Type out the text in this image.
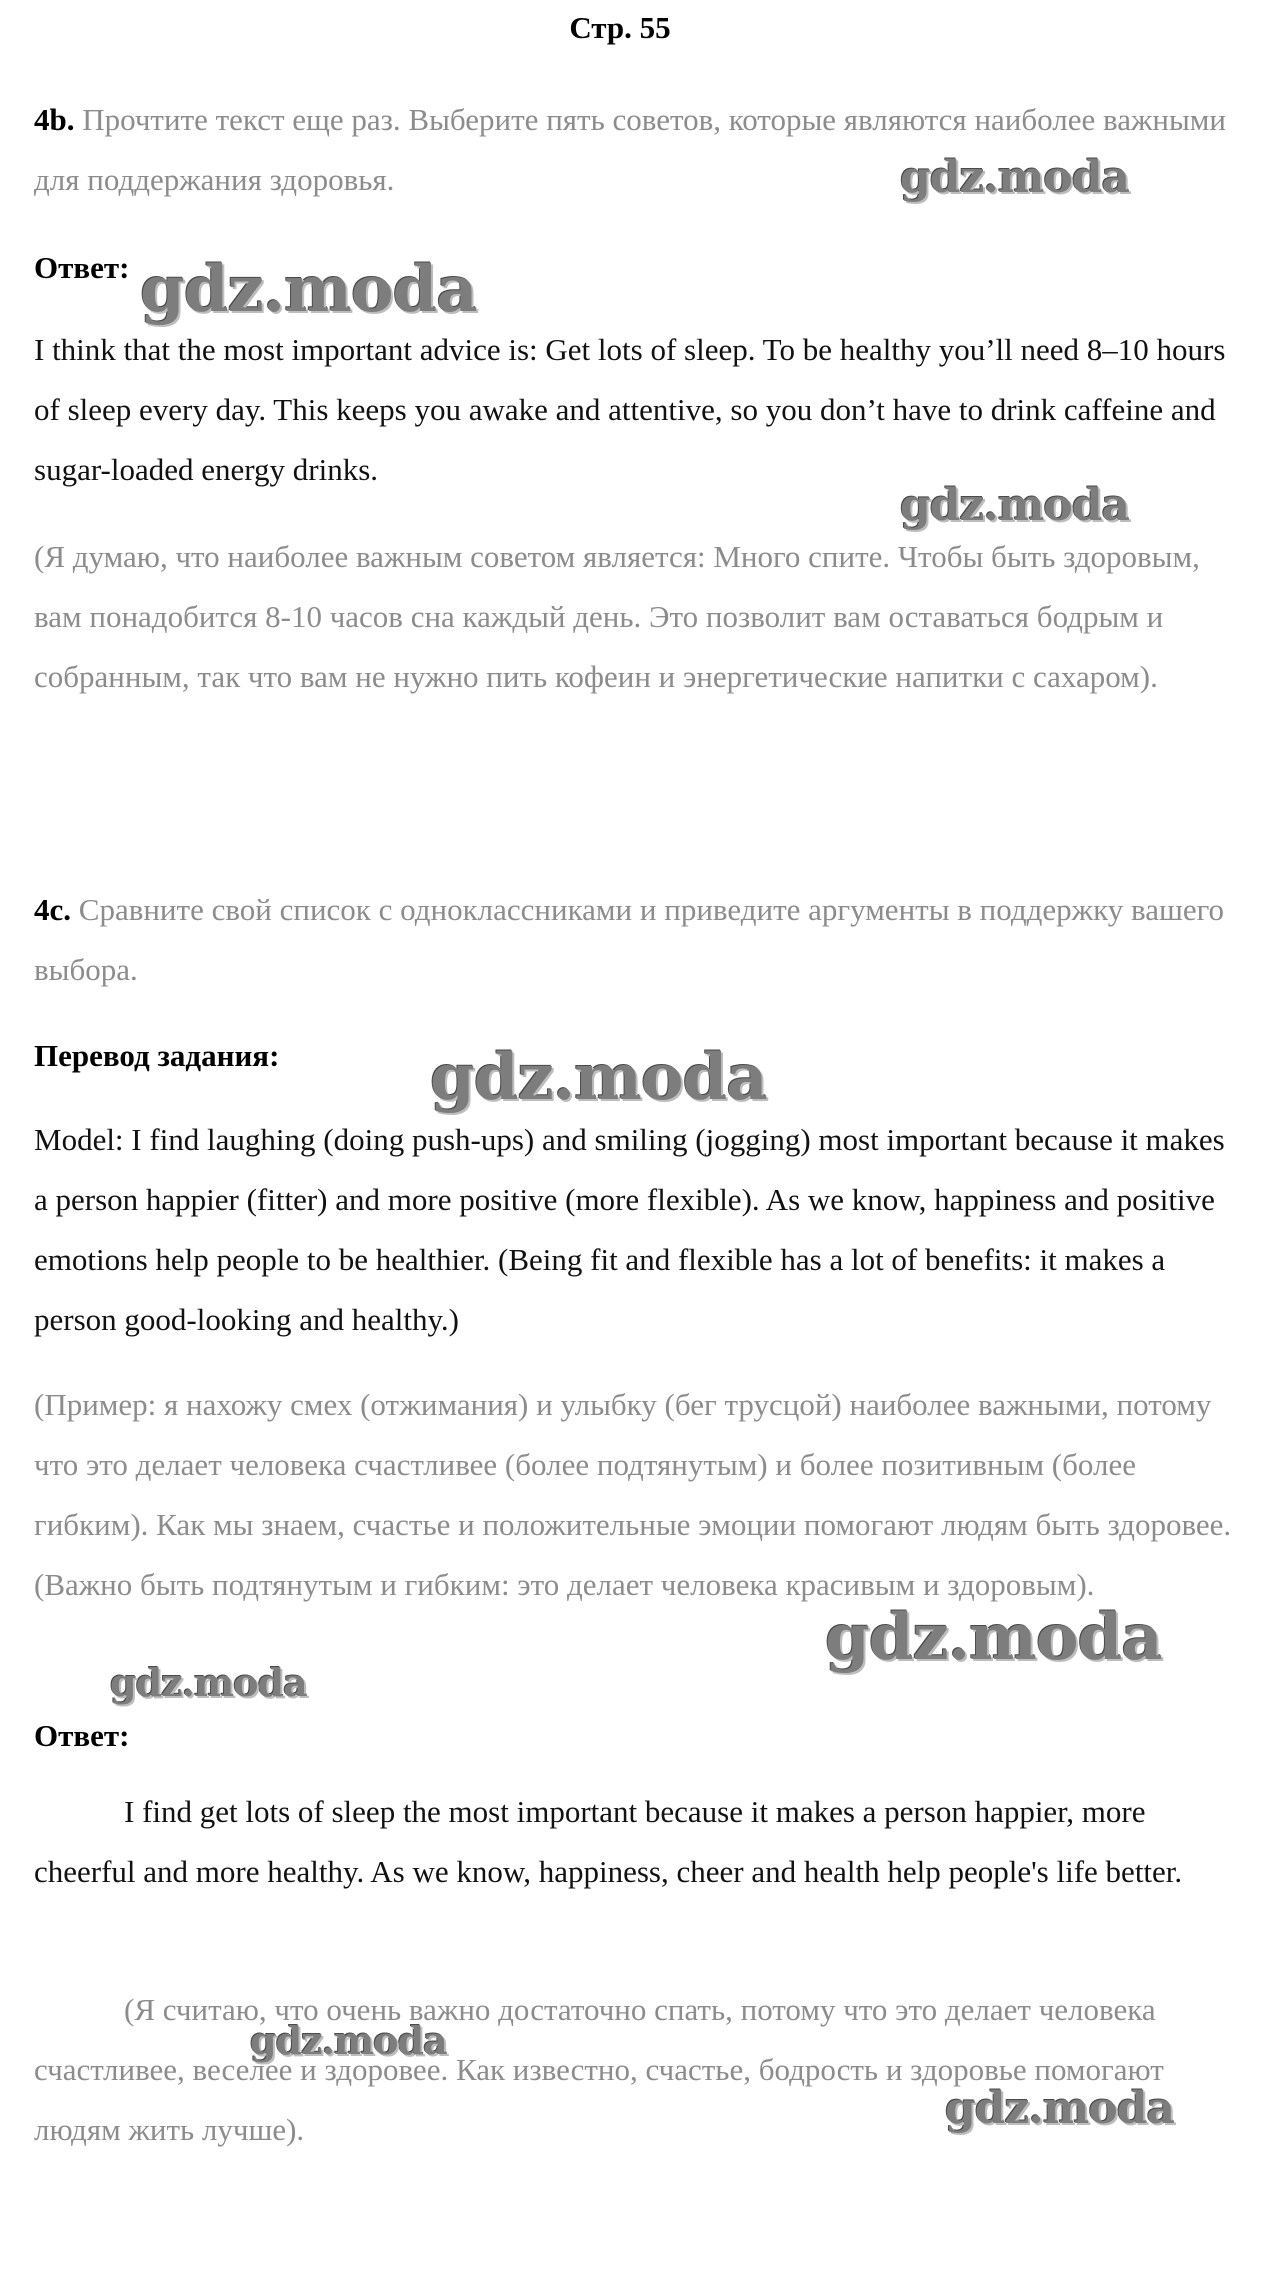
Стр. 55
4b. Прочтите текст еще раз. Выберите пять советов, которые являются наиболее важными для поддержания здоровья.
Ответ:
I think that the most important advice is: Get lots of sleep. To be healthy you’ll need 8–10 hours of sleep every day. This keeps you awake and attentive, so you don’t have to drink caffeine and sugar-loaded energy drinks.
(Я думаю, что наиболее важным советом является: Много спите. Чтобы быть здоровым, вам понадобится 8-10 часов сна каждый день. Это позволит вам оставаться бодрым и собранным, так что вам не нужно пить кофеин и энергетические напитки с сахаром).
4c. Сравните свой список с одноклассниками и приведите аргументы в поддержку вашего выбора.
Перевод задания:
Model: I find laughing (doing push-ups) and smiling (jogging) most important because it makes a person happier (fitter) and more positive (more flexible). As we know, happiness and positive emotions help people to be healthier. (Being fit and flexible has a lot of benefits: it makes a person good-looking and healthy.)
(Пример: я нахожу смех (отжимания) и улыбку (бег трусцой) наиболее важными, потому что это делает человека счастливее (более подтянутым) и более позитивным (более гибким). Как мы знаем, счастье и положительные эмоции помогают людям быть здоровее. (Важно быть подтянутым и гибким: это делает человека красивым и здоровым).
Ответ:
I find get lots of sleep the most important because it makes a person happier, more cheerful and more healthy. As we know, happiness, cheer and health help people's life better.
(Я считаю, что очень важно достаточно спать, потому что это делает человека счастливее, веселее и здоровее. Как известно, счастье, бодрость и здоровье помогают людям жить лучше).
gdz.moda
gdz.moda
gdz.moda
gdz.moda
gdz.moda
gdz.moda
gdz.moda
gdz.moda
